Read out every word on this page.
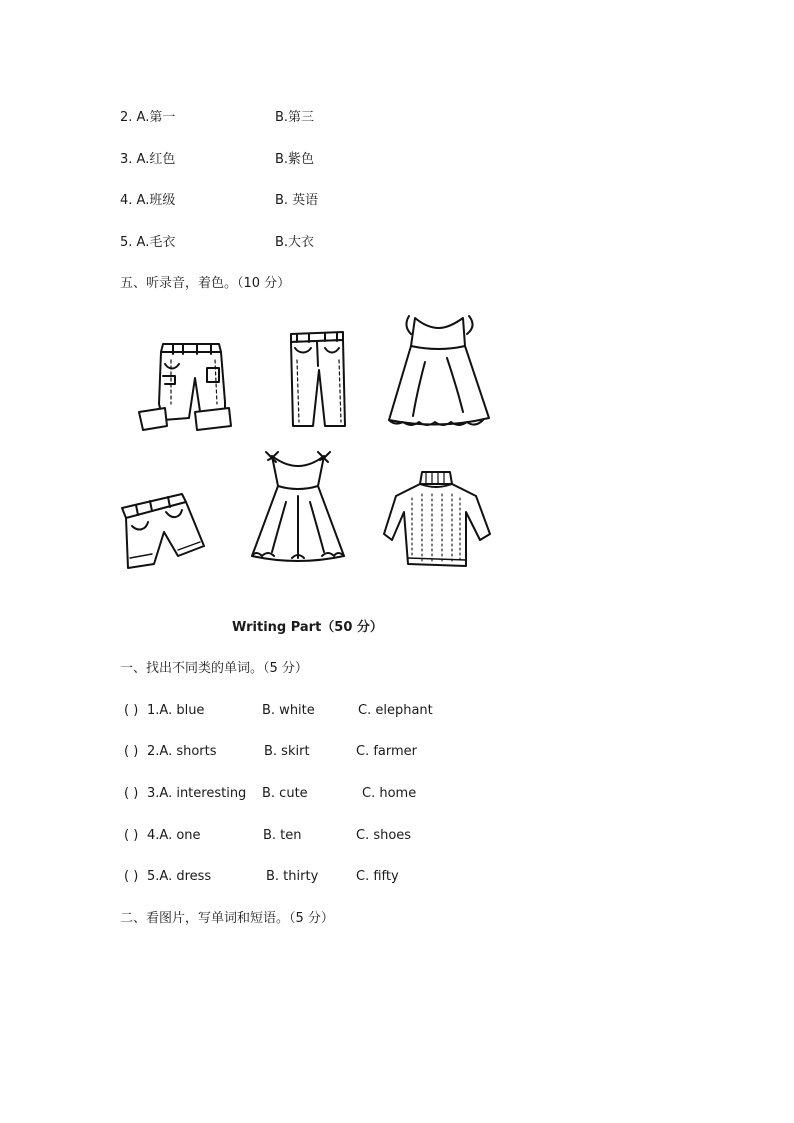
2. A.第一	B.第三
3. A.红色	B.紫色
4. A.班级	B. 英语
5. A.毛衣	B.大衣
五、听录音，着色。（10 分）
Writing Part（50 分）
一、找出不同类的单词。（5 分）
( ) 1.A. blue	B. white	C. elephant
( ) 2.A. shorts	B. skirt	C. farmer
( ) 3.A. interesting B. cute	C. home
( ) 4.A. one	B. ten	C. shoes
( ) 5.A. dress	B. thirty	C. fifty
二、看图片，写单词和短语。（5 分）
